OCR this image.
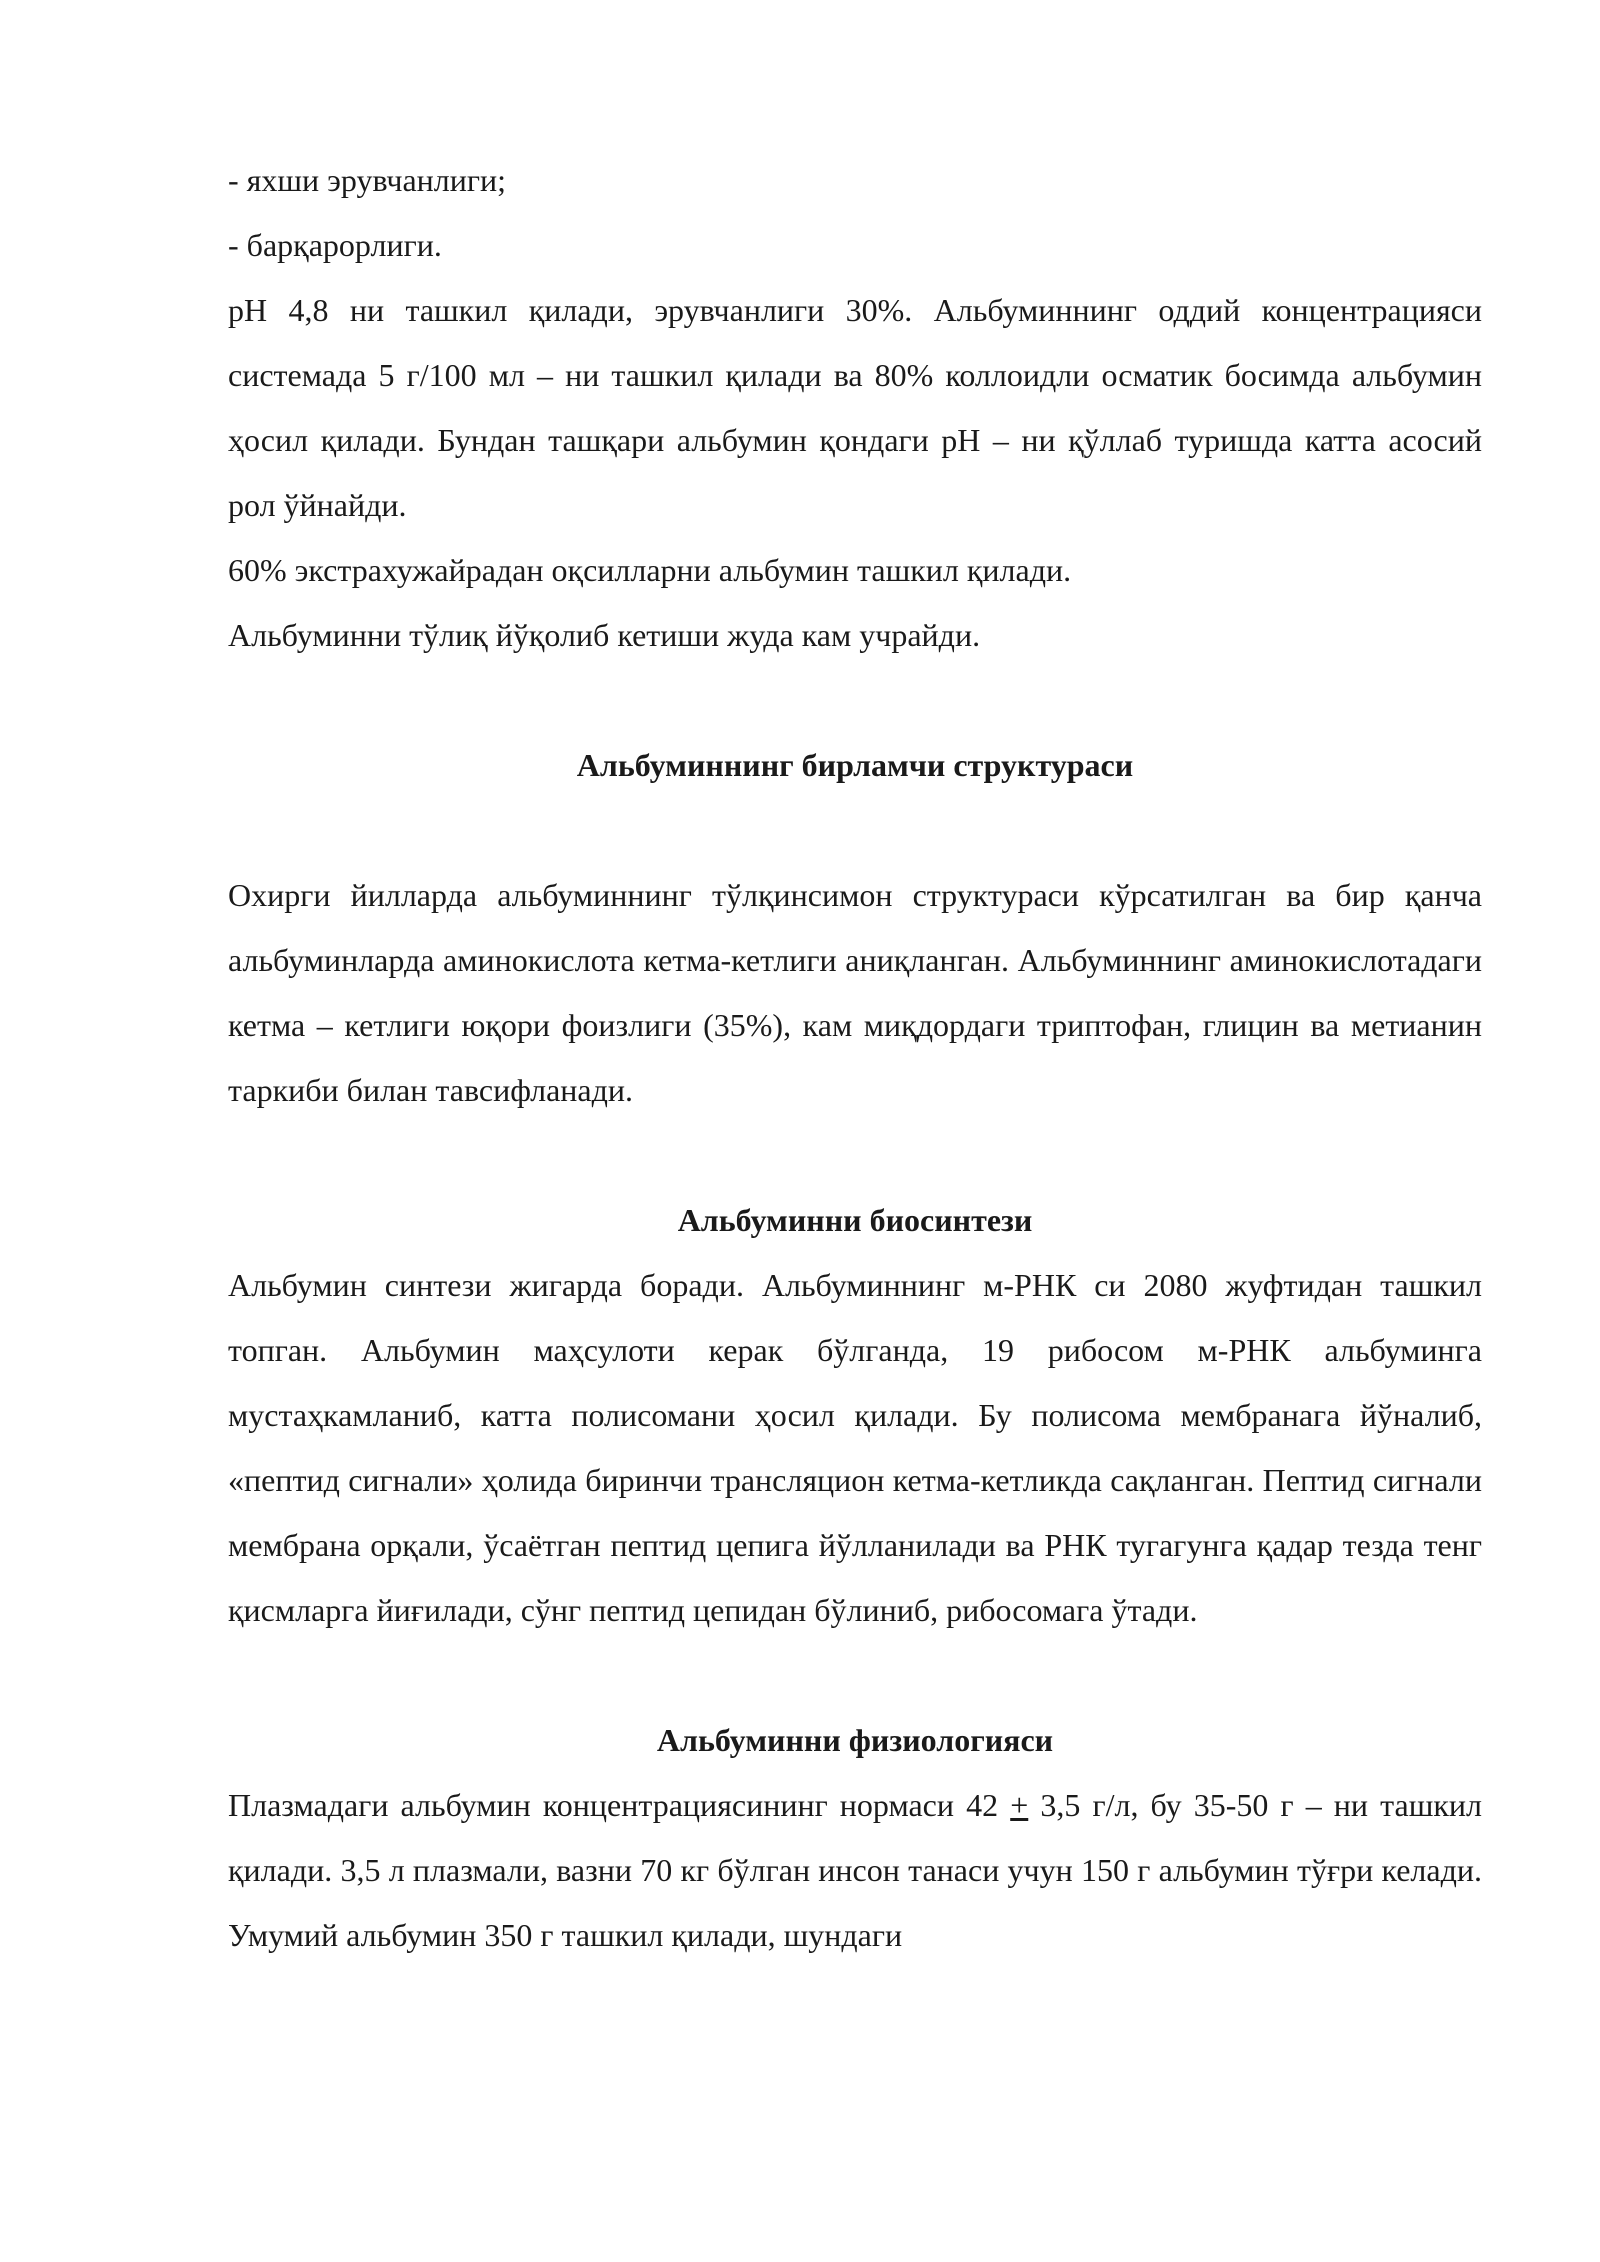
- яхши эрувчанлиги;

- барқарорлиги.

pH 4,8 ни ташкил қилади, эрувчанлиги 30%. Альбуминнинг оддий концентрацияси системада 5 г/100 мл – ни ташкил қилади ва 80% коллоидли осматик босимда альбумин ҳосил қилади. Бундан ташқари альбумин қондаги pH – ни қўллаб туришда катта асосий рол ўйнайди.

60% экстрахужайрадан оқсилларни альбумин ташкил қилади.

Альбуминни тўлиқ йўқолиб кетиши жуда кам учрайди.

Альбуминнинг бирламчи структураси

Охирги йилларда альбуминнинг тўлқинсимон структураси кўрсатилган ва бир қанча альбуминларда аминокислота кетма-кетлиги аниқланган. Альбуминнинг аминокислотадаги кетма – кетлиги юқори фоизлиги (35%), кам миқдордаги триптофан, глицин ва метианин таркиби билан тавсифланади.

Альбуминни биосинтези

Альбумин синтези жигарда боради. Альбуминнинг м-РНК си 2080 жуфтидан ташкил топган. Альбумин маҳсулоти керак бўлганда, 19 рибосом м-РНК альбуминга мустаҳкамланиб, катта полисомани ҳосил қилади. Бу полисома мембранага йўналиб, «пептид сигнали» ҳолида биринчи трансляцион кетма-кетликда сақланган. Пептид сигнали мембрана орқали, ўсаётган пептид цепига йўлланилади ва РНК тугагунга қадар тезда тенг қисмларга йиғилади, сўнг пептид цепидан бўлиниб, рибосомага ўтади.

Альбуминни физиологияси

Плазмадаги альбумин концентрациясининг нормаси 42 + 3,5 г/л, бу 35-50 г – ни ташкил қилади. 3,5 л плазмали, вазни 70 кг бўлган инсон танаси учун 150 г альбумин тўғри келади. Умумий альбумин 350 г ташкил қилади, шундаги
